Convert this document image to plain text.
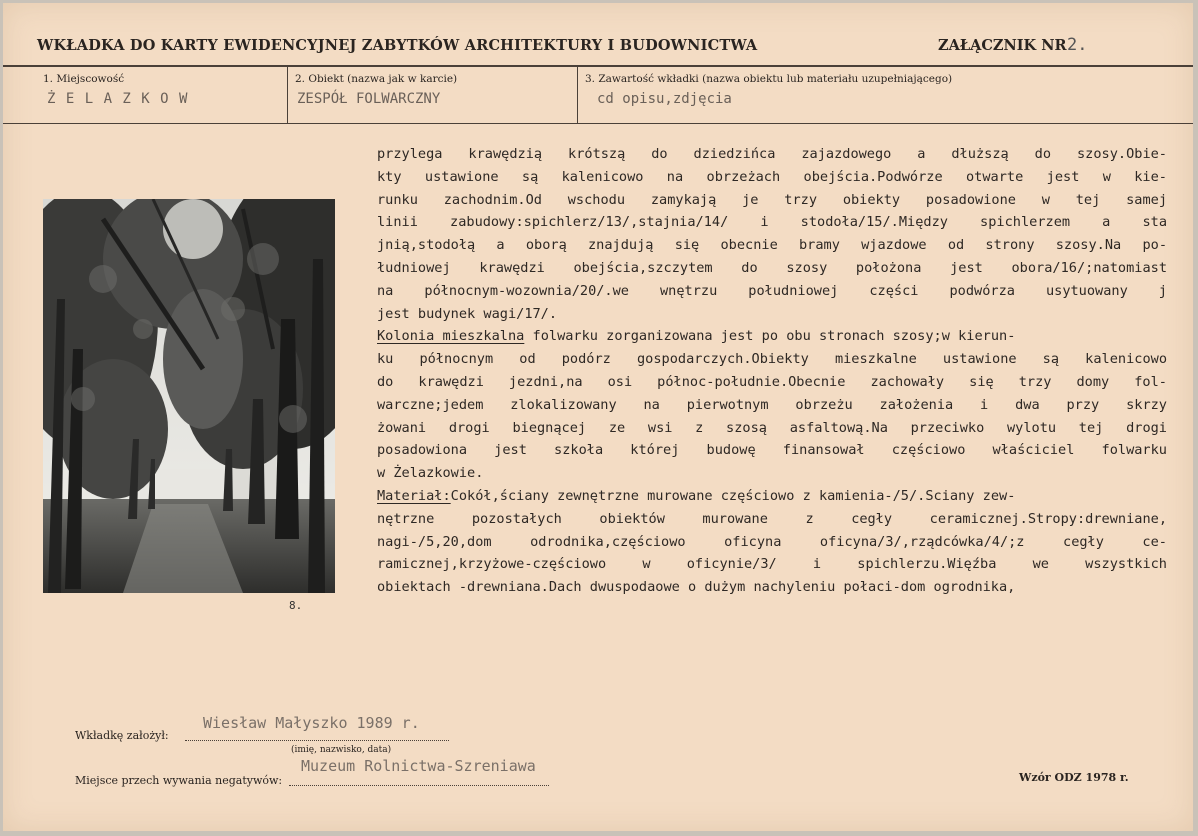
WKŁADKA DO KARTY EWIDENCYJNEJ ZABYTKÓW ARCHITEKTURY I BUDOWNICTWA	ZAŁĄCZNIK NR 2.
1. Miejscowość
Ż E L A Z K O W
2. Obiekt (nazwa jak w karcie)
ZESPÓŁ FOLWARCZNY
3. Zawartość wkładki (nazwa obiektu lub materiału uzupełniającego)
cd opisu,zdjęcia
8.
przylega krawędzią krótszą do dziedzińca zajazdowego a dłuższą do szosy.Obie-
kty ustawione są kalenicowo na obrzeżach obejścia.Podwórze otwarte jest w kie-
runku zachodnim.Od wschodu zamykają je trzy obiekty posadowione w tej samej
linii zabudowy:spichlerz/13/,stajnia/14/ i stodoła/15/.Między spichlerzem a sta
jnią,stodołą a oborą znajdują się obecnie bramy wjazdowe od strony szosy.Na po-
łudniowej krawędzi obejścia,szczytem do szosy położona jest obora/16/;natomiast
na północnym-wozownia/20/.we wnętrzu południowej części podwórza usytuowany j
jest budynek wagi/17/.
Kolonia mieszkalna folwarku zorganizowana jest po obu stronach szosy;w kierun-
ku północnym od podórz gospodarczych.Obiekty mieszkalne ustawione są kalenicowo
do krawędzi jezdni,na osi północ-południe.Obecnie zachowały się trzy domy fol-
warczne;jedem zlokalizowany na pierwotnym obrzeżu założenia i dwa przy skrzy
żowani drogi biegnącej ze wsi z szosą asfaltową.Na przeciwko wylotu tej drogi
posadowiona jest szkoła której budowę finansował częściowo właściciel folwarku
w Żelazkowie.
Materiał:Cokół,ściany zewnętrzne murowane częściowo z kamienia-/5/.Sciany zew-
nętrzne pozostałych obiektów murowane z cegły ceramicznej.Stropy:drewniane,
nagi-/5,20,dom odrodnika,częściowo oficyna oficyna/3/,rządcówka/4/;z cegły ce-
ramicznej,krzyżowe-częściowo w oficynie/3/ i spichlerzu.Więźba we wszystkich
obiektach -drewniana.Dach dwuspodaowe o dużym nachyleniu połaci-dom ogrodnika,
Wkładkę założył:
Wiesław Małyszko 1989 r.
(imię, nazwisko, data)
Miejsce przech wywania negatywów:
Muzeum Rolnictwa-Szreniawa
Wzór ODZ 1978 r.
